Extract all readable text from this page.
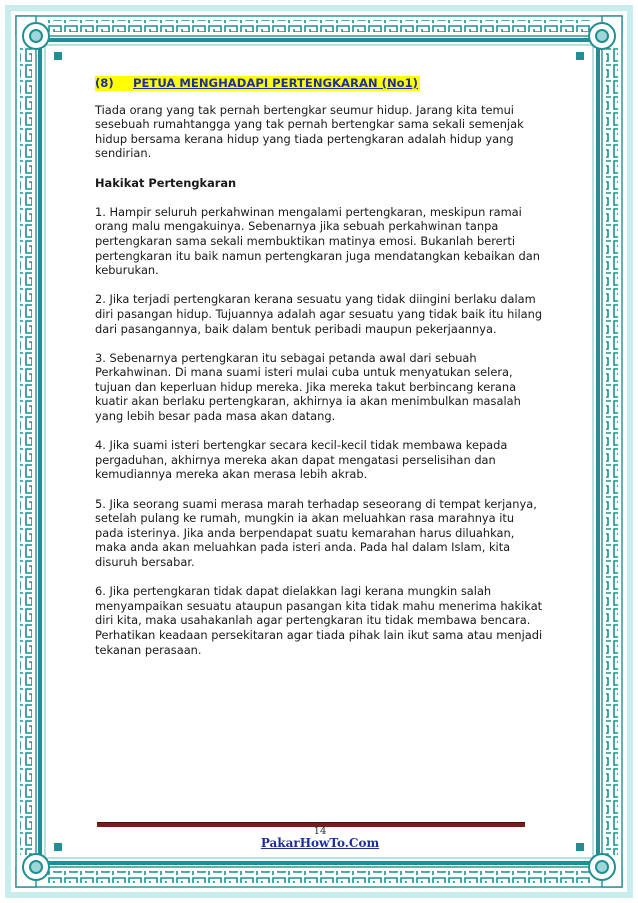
(8) PETUA MENGHADAPI PERTENGKARAN (No1)

Tiada orang yang tak pernah bertengkar seumur hidup. Jarang kita temui sesebuah rumahtangga yang tak pernah bertengkar sama sekali semenjak hidup bersama kerana hidup yang tiada pertengkaran adalah hidup yang sendirian.

Hakikat Pertengkaran

1. Hampir seluruh perkahwinan mengalami pertengkaran, meskipun ramai orang malu mengakuinya. Sebenarnya jika sebuah perkahwinan tanpa pertengkaran sama sekali membuktikan matinya emosi. Bukanlah bererti pertengkaran itu baik namun pertengkaran juga mendatangkan kebaikan dan keburukan.

2. Jika terjadi pertengkaran kerana sesuatu yang tidak diingini berlaku dalam diri pasangan hidup. Tujuannya adalah agar sesuatu yang tidak baik itu hilang dari pasangannya, baik dalam bentuk peribadi maupun pekerjaannya.

3. Sebenarnya pertengkaran itu sebagai petanda awal dari sebuah Perkahwinan. Di mana suami isteri mulai cuba untuk menyatukan selera, tujuan dan keperluan hidup mereka. Jika mereka takut berbincang kerana kuatir akan berlaku pertengkaran, akhirnya ia akan menimbulkan masalah yang lebih besar pada masa akan datang.

4. Jika suami isteri bertengkar secara kecil-kecil tidak membawa kepada pergaduhan, akhirnya mereka akan dapat mengatasi perselisihan dan kemudiannya mereka akan merasa lebih akrab.

5. Jika seorang suami merasa marah terhadap seseorang di tempat kerjanya, setelah pulang ke rumah, mungkin ia akan meluahkan rasa marahnya itu pada isterinya. Jika anda berpendapat suatu kemarahan harus diluahkan, maka anda akan meluahkan pada isteri anda. Pada hal dalam Islam, kita disuruh bersabar.

6. Jika pertengkaran tidak dapat dielakkan lagi kerana mungkin salah menyampaikan sesuatu ataupun pasangan kita tidak mahu menerima hakikat diri kita, maka usahakanlah agar pertengkaran itu tidak membawa bencara. Perhatikan keadaan persekitaran agar tiada pihak lain ikut sama atau menjadi tekanan perasaan.

14
PakarHowTo.Com
